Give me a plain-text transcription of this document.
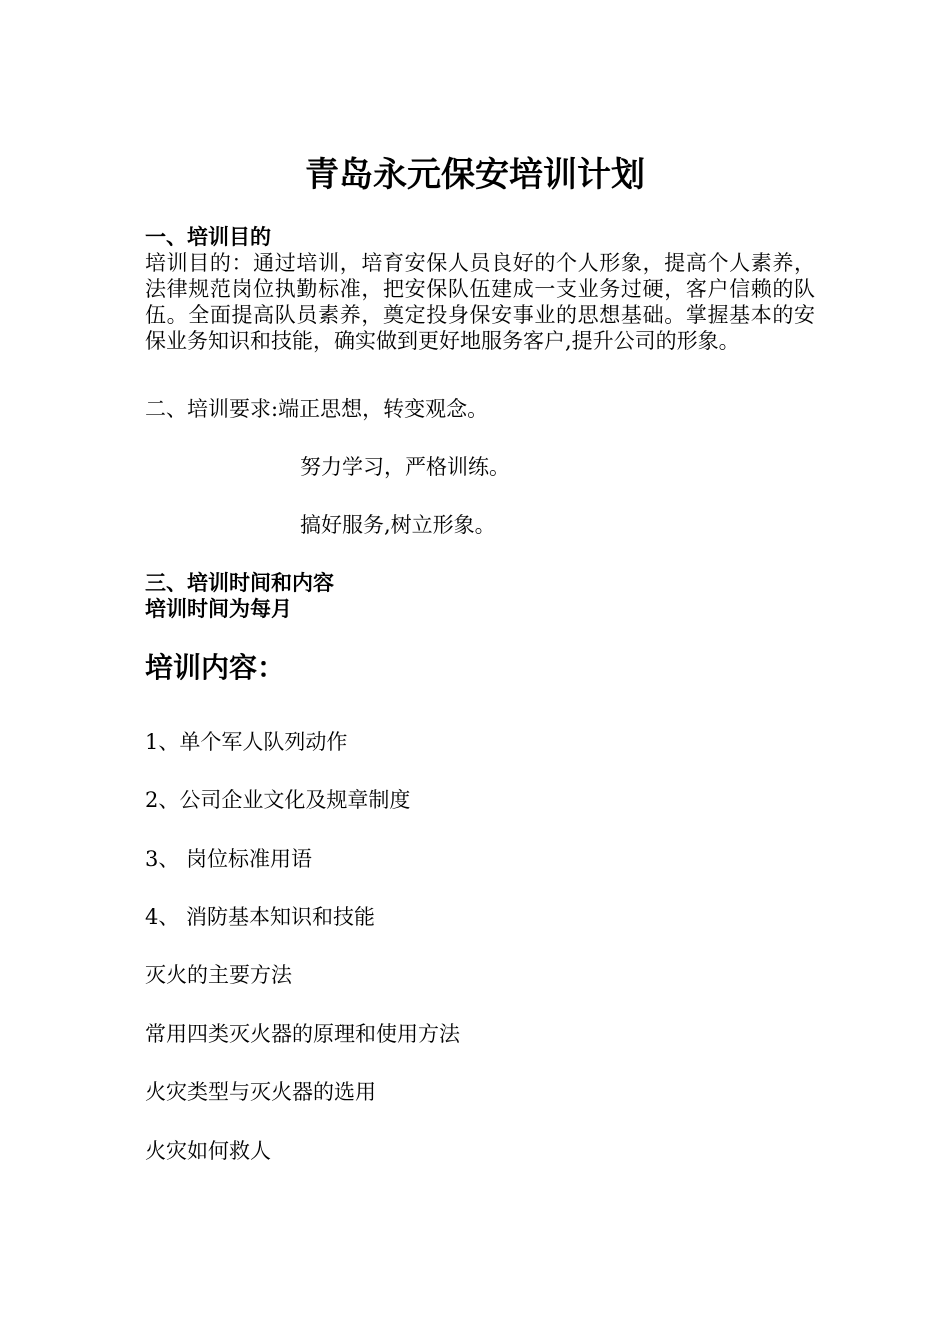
青岛永元保安培训计划
一、培训目的
培训目的：通过培训，培育安保人员良好的个人形象，提高个人素养，法律规范岗位执勤标准，把安保队伍建成一支业务过硬，客户信赖的队伍。全面提高队员素养，奠定投身保安事业的思想基础。掌握基本的安保业务知识和技能，确实做到更好地服务客户,提升公司的形象。
二、培训要求:端正思想，转变观念。
努力学习，严格训练。
搞好服务,树立形象。
三、培训时间和内容
培训时间为每月
培训内容：
1、单个军人队列动作
2、公司企业文化及规章制度
3、 岗位标准用语
4、 消防基本知识和技能
灭火的主要方法
常用四类灭火器的原理和使用方法
火灾类型与灭火器的选用
火灾如何救人
